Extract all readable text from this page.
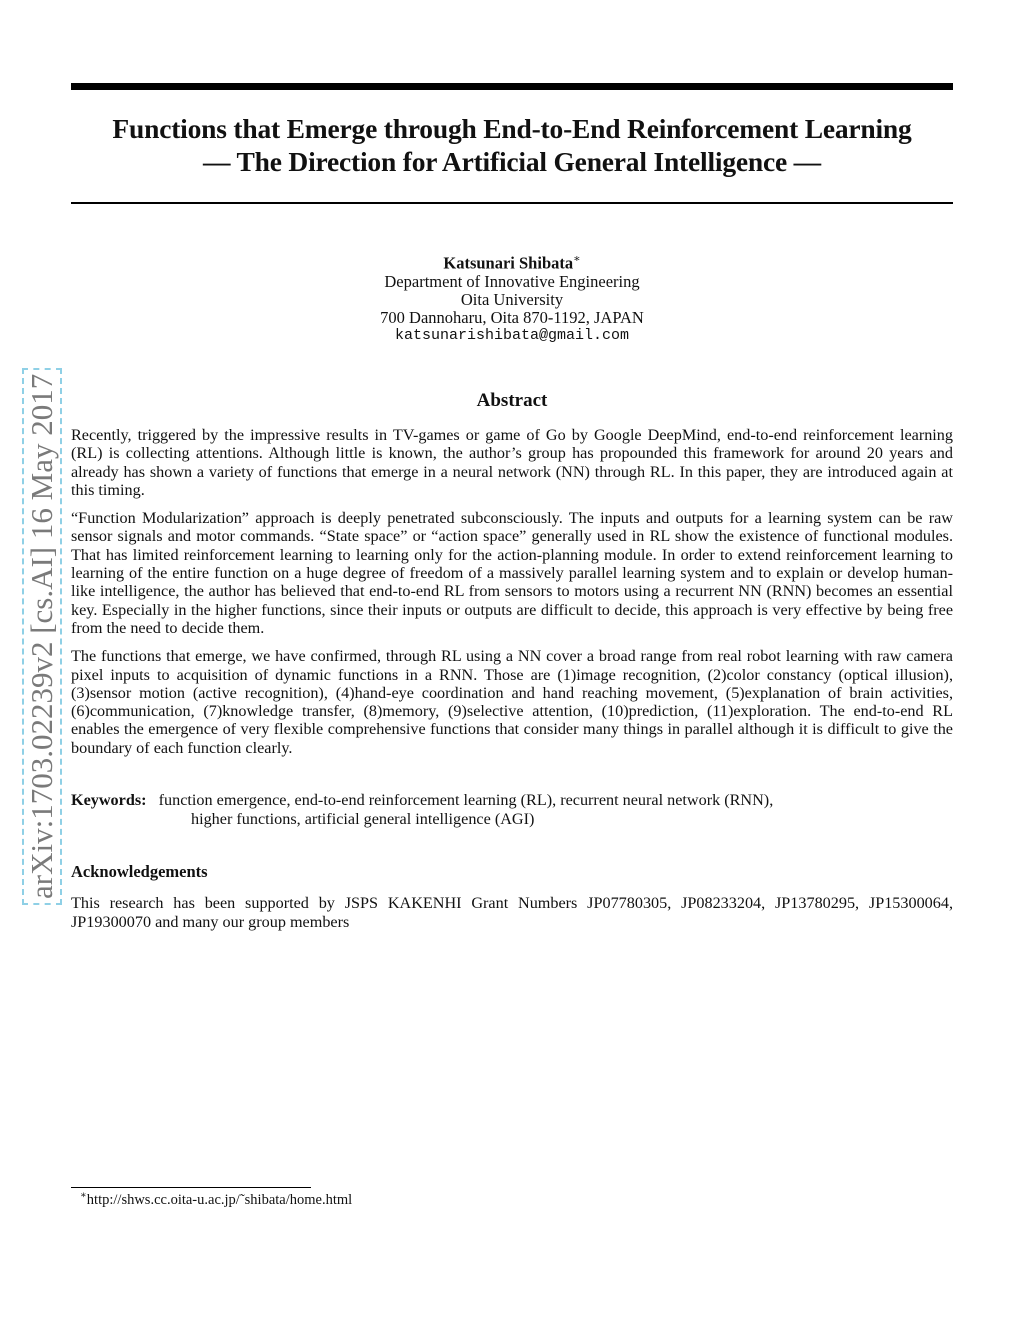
arXiv:1703.02239v2 [cs.AI] 16 May 2017
Functions that Emerge through End-to-End Reinforcement Learning
— The Direction for Artificial General Intelligence —
Katsunari Shibata∗
Department of Innovative Engineering
Oita University
700 Dannoharu, Oita 870-1192, JAPAN
katsunarishibata@gmail.com
Abstract

Recently, triggered by the impressive results in TV-games or game of Go by Google DeepMind, end-to-end reinforcement learning (RL) is collecting attentions. Although little is known, the author’s group has propounded this framework for around 20 years and already has shown a variety of functions that emerge in a neural network (NN) through RL. In this paper, they are introduced again at this timing.

“Function Modularization” approach is deeply penetrated subconsciously. The inputs and outputs for a learning system can be raw sensor signals and motor commands. “State space” or “action space” generally used in RL show the existence of functional modules. That has limited reinforcement learning to learning only for the action-planning module. In order to extend reinforcement learning to learning of the entire function on a huge degree of freedom of a massively parallel learning system and to explain or develop human-like intelligence, the author has believed that end-to-end RL from sensors to motors using a recurrent NN (RNN) becomes an essential key. Especially in the higher functions, since their inputs or outputs are difficult to decide, this approach is very effective by being free from the need to decide them.

The functions that emerge, we have confirmed, through RL using a NN cover a broad range from real robot learning with raw camera pixel inputs to acquisition of dynamic functions in a RNN. Those are (1)image recognition, (2)color constancy (optical illusion), (3)sensor motion (active recognition), (4)hand-eye coordination and hand reaching movement, (5)explanation of brain activities, (6)communication, (7)knowledge transfer, (8)memory, (9)selective attention, (10)prediction, (11)exploration. The end-to-end RL enables the emergence of very flexible comprehensive functions that consider many things in parallel although it is difficult to give the boundary of each function clearly.

Keywords: function emergence, end-to-end reinforcement learning (RL), recurrent neural network (RNN),
higher functions, artificial general intelligence (AGI)
Acknowledgements
This research has been supported by JSPS KAKENHI Grant Numbers JP07780305, JP08233204, JP13780295, JP15300064, JP19300070 and many our group members
∗http://shws.cc.oita-u.ac.jp/˜shibata/home.html
